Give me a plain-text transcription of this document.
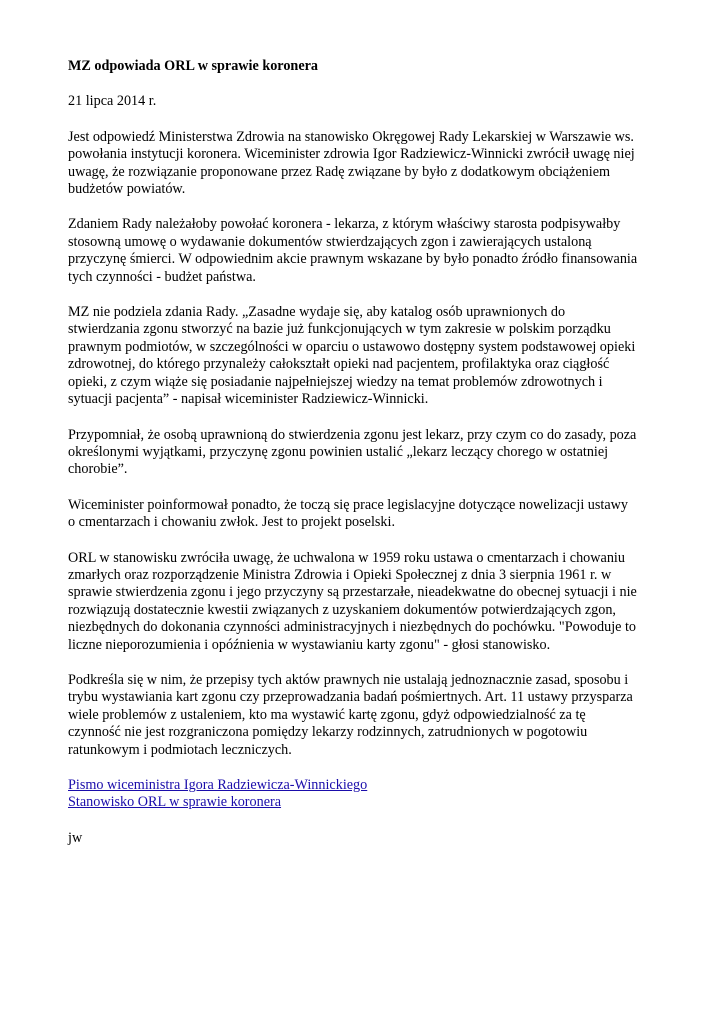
MZ odpowiada ORL w sprawie koronera
21 lipca 2014 r.
Jest odpowiedź Ministerstwa Zdrowia na stanowisko Okręgowej Rady Lekarskiej w Warszawie ws.
powołania instytucji koronera. Wiceminister zdrowia Igor Radziewicz-Winnicki zwrócił uwagę niej
uwagę, że rozwiązanie proponowane przez Radę związane by było z dodatkowym obciążeniem
budżetów powiatów.
Zdaniem Rady należałoby powołać koronera - lekarza, z którym właściwy starosta podpisywałby
stosowną umowę o wydawanie dokumentów stwierdzających zgon i zawierających ustaloną
przyczynę śmierci. W odpowiednim akcie prawnym wskazane by było ponadto źródło finansowania
tych czynności - budżet państwa.
MZ nie podziela zdania Rady. „Zasadne wydaje się, aby katalog osób uprawnionych do
stwierdzania zgonu stworzyć na bazie już funkcjonujących w tym zakresie w polskim porządku
prawnym podmiotów, w szczególności w oparciu o ustawowo dostępny system podstawowej opieki
zdrowotnej, do którego przynależy całokształt opieki nad pacjentem, profilaktyka oraz ciągłość
opieki, z czym wiąże się posiadanie najpełniejszej wiedzy na temat problemów zdrowotnych i
sytuacji pacjenta” - napisał wiceminister Radziewicz-Winnicki.
Przypomniał, że osobą uprawnioną do stwierdzenia zgonu jest lekarz, przy czym co do zasady, poza
określonymi wyjątkami, przyczynę zgonu powinien ustalić „lekarz leczący chorego w ostatniej
chorobie”.
Wiceminister poinformował ponadto, że toczą się prace legislacyjne dotyczące nowelizacji ustawy
o cmentarzach i chowaniu zwłok. Jest to projekt poselski.
ORL w stanowisku zwróciła uwagę, że uchwalona w 1959 roku ustawa o cmentarzach i chowaniu
zmarłych oraz rozporządzenie Ministra Zdrowia i Opieki Społecznej z dnia 3 sierpnia 1961 r. w
sprawie stwierdzenia zgonu i jego przyczyny są przestarzałe, nieadekwatne do obecnej sytuacji i nie
rozwiązują dostatecznie kwestii związanych z uzyskaniem dokumentów potwierdzających zgon,
niezbędnych do dokonania czynności administracyjnych i niezbędnych do pochówku. "Powoduje to
liczne nieporozumienia i opóźnienia w wystawianiu karty zgonu" - głosi stanowisko.
Podkreśla się w nim, że przepisy tych aktów prawnych nie ustalają jednoznacznie zasad, sposobu i
trybu wystawiania kart zgonu czy przeprowadzania badań pośmiertnych. Art. 11 ustawy przysparza
wiele problemów z ustaleniem, kto ma wystawić kartę zgonu, gdyż odpowiedzialność za tę
czynność nie jest rozgraniczona pomiędzy lekarzy rodzinnych, zatrudnionych w pogotowiu
ratunkowym i podmiotach leczniczych.
Pismo wiceministra Igora Radziewicza-Winnickiego
Stanowisko ORL w sprawie koronera
jw
